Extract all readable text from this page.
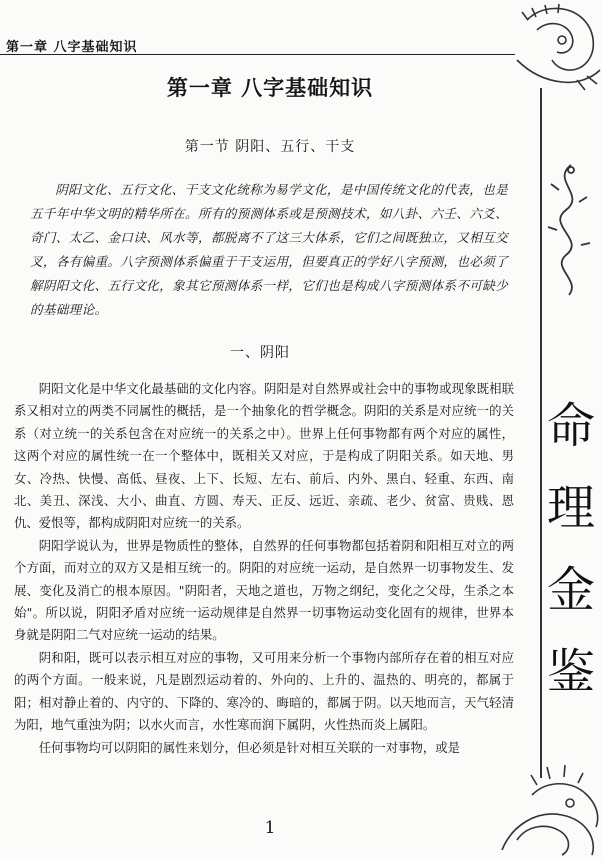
第一章 八字基础知识
命理金鉴
第一章 八字基础知识
第一节 阴阳、五行、干支
阴阳文化、五行文化、干支文化统称为易学文化，是中国传统文化的代表，也是五千年中华文明的精华所在。所有的预测体系或是预测技术，如八卦、六壬、六爻、奇门、太乙、金口诀、风水等，都脱离不了这三大体系，它们之间既独立，又相互交叉，各有偏重。八字预测体系偏重于干支运用，但要真正的学好八字预测，也必须了解阴阳文化、五行文化，象其它预测体系一样，它们也是构成八字预测体系不可缺少的基础理论。
一、阴阳

阴阳文化是中华文化最基础的文化内容。阴阳是对自然界或社会中的事物或现象既相联系又相对立的两类不同属性的概括，是一个抽象化的哲学概念。阴阳的关系是对应统一的关系（对立统一的关系包含在对应统一的关系之中）。世界上任何事物都有两个对应的属性，这两个对应的属性统一在一个整体中，既相关又对应，于是构成了阴阳关系。如天地、男女、冷热、快慢、高低、昼夜、上下、长短、左右、前后、内外、黑白、轻重、东西、南北、美丑、深浅、大小、曲直、方圆、寿天、正反、远近、亲疏、老少、贫富、贵贱、恩仇、爱恨等，都构成阴阳对应统一的关系。

阴阳学说认为，世界是物质性的整体，自然界的任何事物都包括着阴和阳相互对立的两个方面，而对立的双方又是相互统一的。阴阳的对应统一运动，是自然界一切事物发生、发展、变化及消亡的根本原因。"阴阳者，天地之道也，万物之纲纪，变化之父母，生杀之本始"。所以说，阴阳矛盾对应统一运动规律是自然界一切事物运动变化固有的规律，世界本身就是阴阳二气对应统一运动的结果。

阴和阳，既可以表示相互对应的事物，又可用来分析一个事物内部所存在着的相互对应的两个方面。一般来说，凡是剧烈运动着的、外向的、上升的、温热的、明亮的，都属于阳；相对静止着的、内守的、下降的、寒冷的、晦暗的，都属于阴。以天地而言，天气轻清为阳，地气重浊为阴；以水火而言，水性寒而润下属阴，火性热而炎上属阳。

任何事物均可以阴阳的属性来划分，但必须是针对相互关联的一对事物，或是

1
